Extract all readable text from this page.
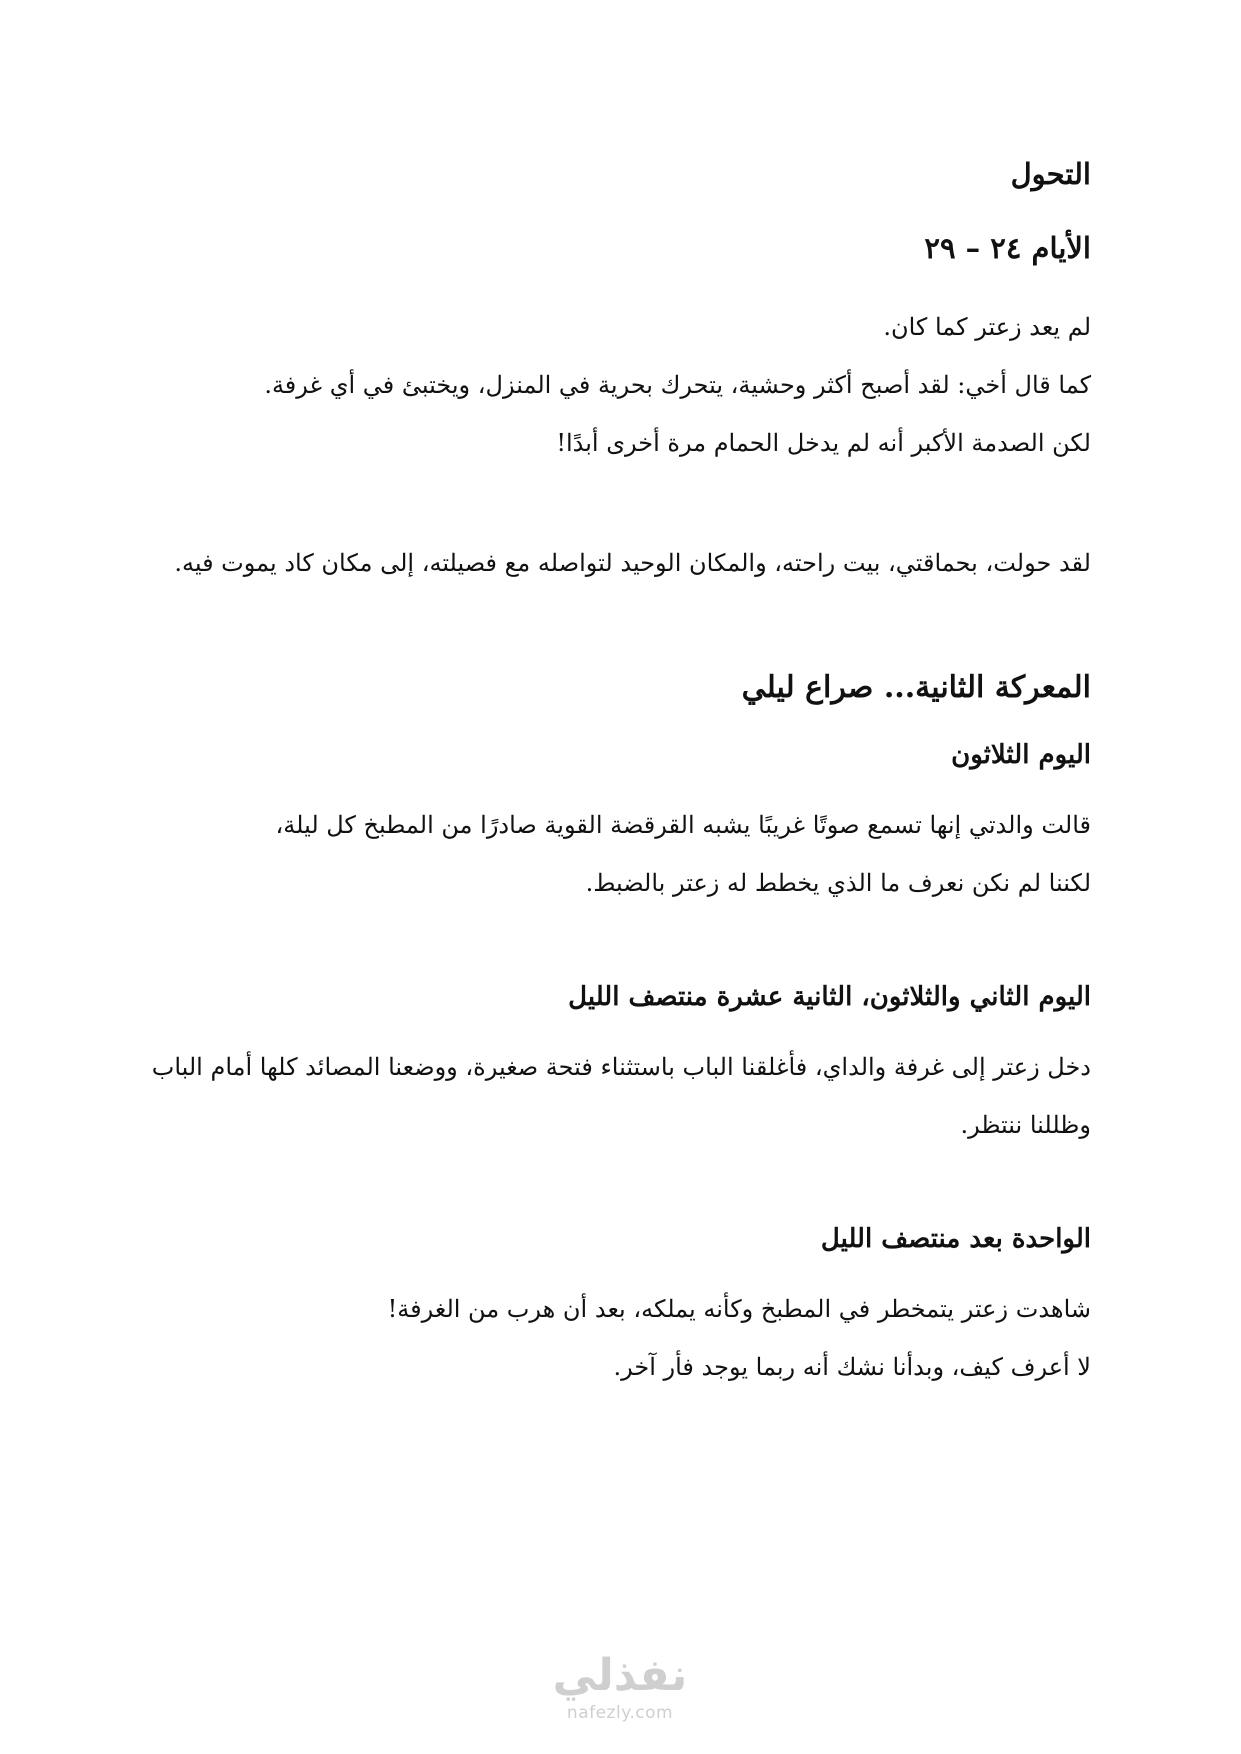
التحول
الأيام ٢٤ – ٢٩

لم يعد زعتر كما كان.

كما قال أخي: لقد أصبح أكثر وحشية، يتحرك بحرية في المنزل، ويختبئ في أي غرفة.

لكن الصدمة الأكبر أنه لم يدخل الحمام مرة أخرى أبدًا!

لقد حولت، بحماقتي، بيت راحته، والمكان الوحيد لتواصله مع فصيلته، إلى مكان كاد يموت فيه.

المعركة الثانية... صراع ليلي
اليوم الثلاثون

قالت والدتي إنها تسمع صوتًا غريبًا يشبه القرقضة القوية صادرًا من المطبخ كل ليلة،

لكننا لم نكن نعرف ما الذي يخطط له زعتر بالضبط.

اليوم الثاني والثلاثون، الثانية عشرة منتصف الليل

دخل زعتر إلى غرفة والداي، فأغلقنا الباب باستثناء فتحة صغيرة، ووضعنا المصائد كلها أمام الباب

وظللنا ننتظر.

الواحدة بعد منتصف الليل

شاهدت زعتر يتمخطر في المطبخ وكأنه يملكه، بعد أن هرب من الغرفة!

لا أعرف كيف، وبدأنا نشك أنه ربما يوجد فأر آخر.

نفذلي
nafezly.com
